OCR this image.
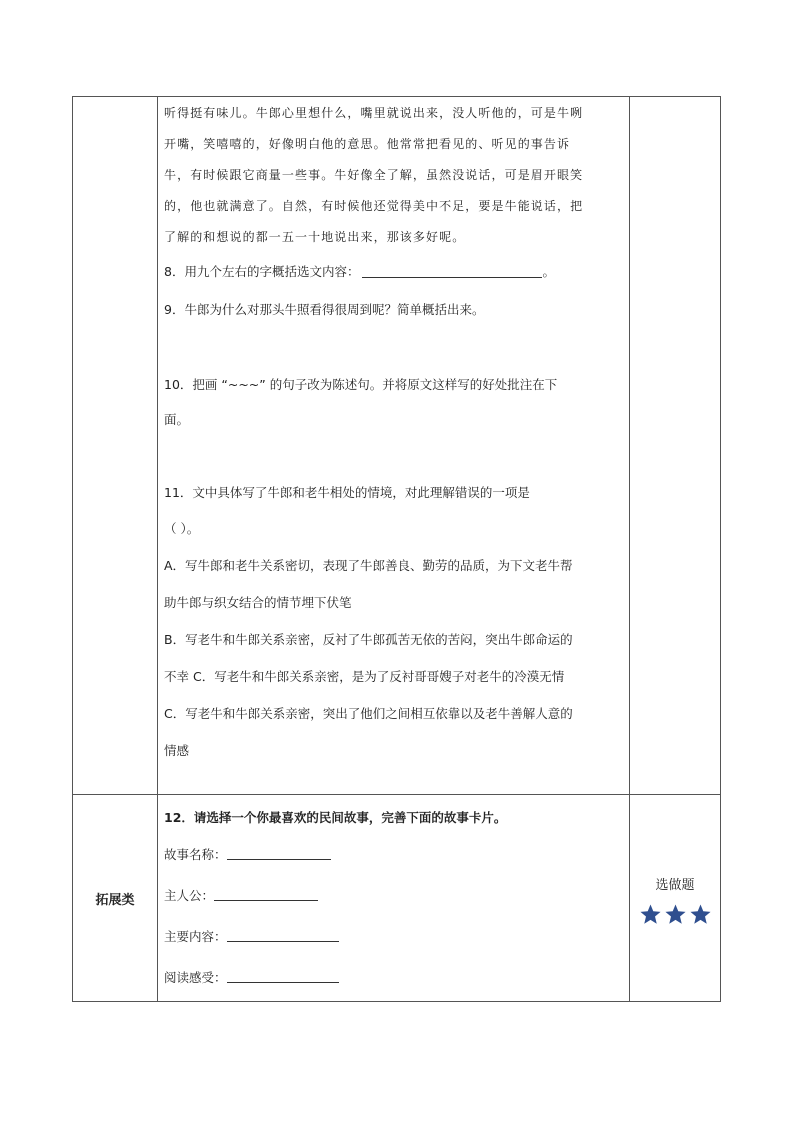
听得挺有味儿。牛郎心里想什么，嘴里就说出来，没人听他的，可是牛咧

开嘴，笑嘻嘻的，好像明白他的意思。他常常把看见的、听见的事告诉

牛，有时候跟它商量一些事。牛好像全了解，虽然没说话，可是眉开眼笑

的，他也就满意了。自然，有时候他还觉得美中不足，要是牛能说话，把

了解的和想说的都一五一十地说出来，那该多好呢。

8．用九个左右的字概括选文内容：	。

9．牛郎为什么对那头牛照看得很周到呢？简单概括出来。

10．把画 “~~~” 的句子改为陈述句。并将原文这样写的好处批注在下

面。

11．文中具体写了牛郎和老牛相处的情境，对此理解错误的一项是

（ ）。

A．写牛郎和老牛关系密切，表现了牛郎善良、勤劳的品质，为下文老牛帮

助牛郎与织女结合的情节埋下伏笔

B．写老牛和牛郎关系亲密，反衬了牛郎孤苦无依的苦闷，突出牛郎命运的

不幸 C．写老牛和牛郎关系亲密，是为了反衬哥哥嫂子对老牛的冷漠无情

C．写老牛和牛郎关系亲密，突出了他们之间相互依靠以及老牛善解人意的

情感

拓展类

12．请选择一个你最喜欢的民间故事，完善下面的故事卡片。

故事名称：

主人公：

主要内容：

阅读感受：

选做题
